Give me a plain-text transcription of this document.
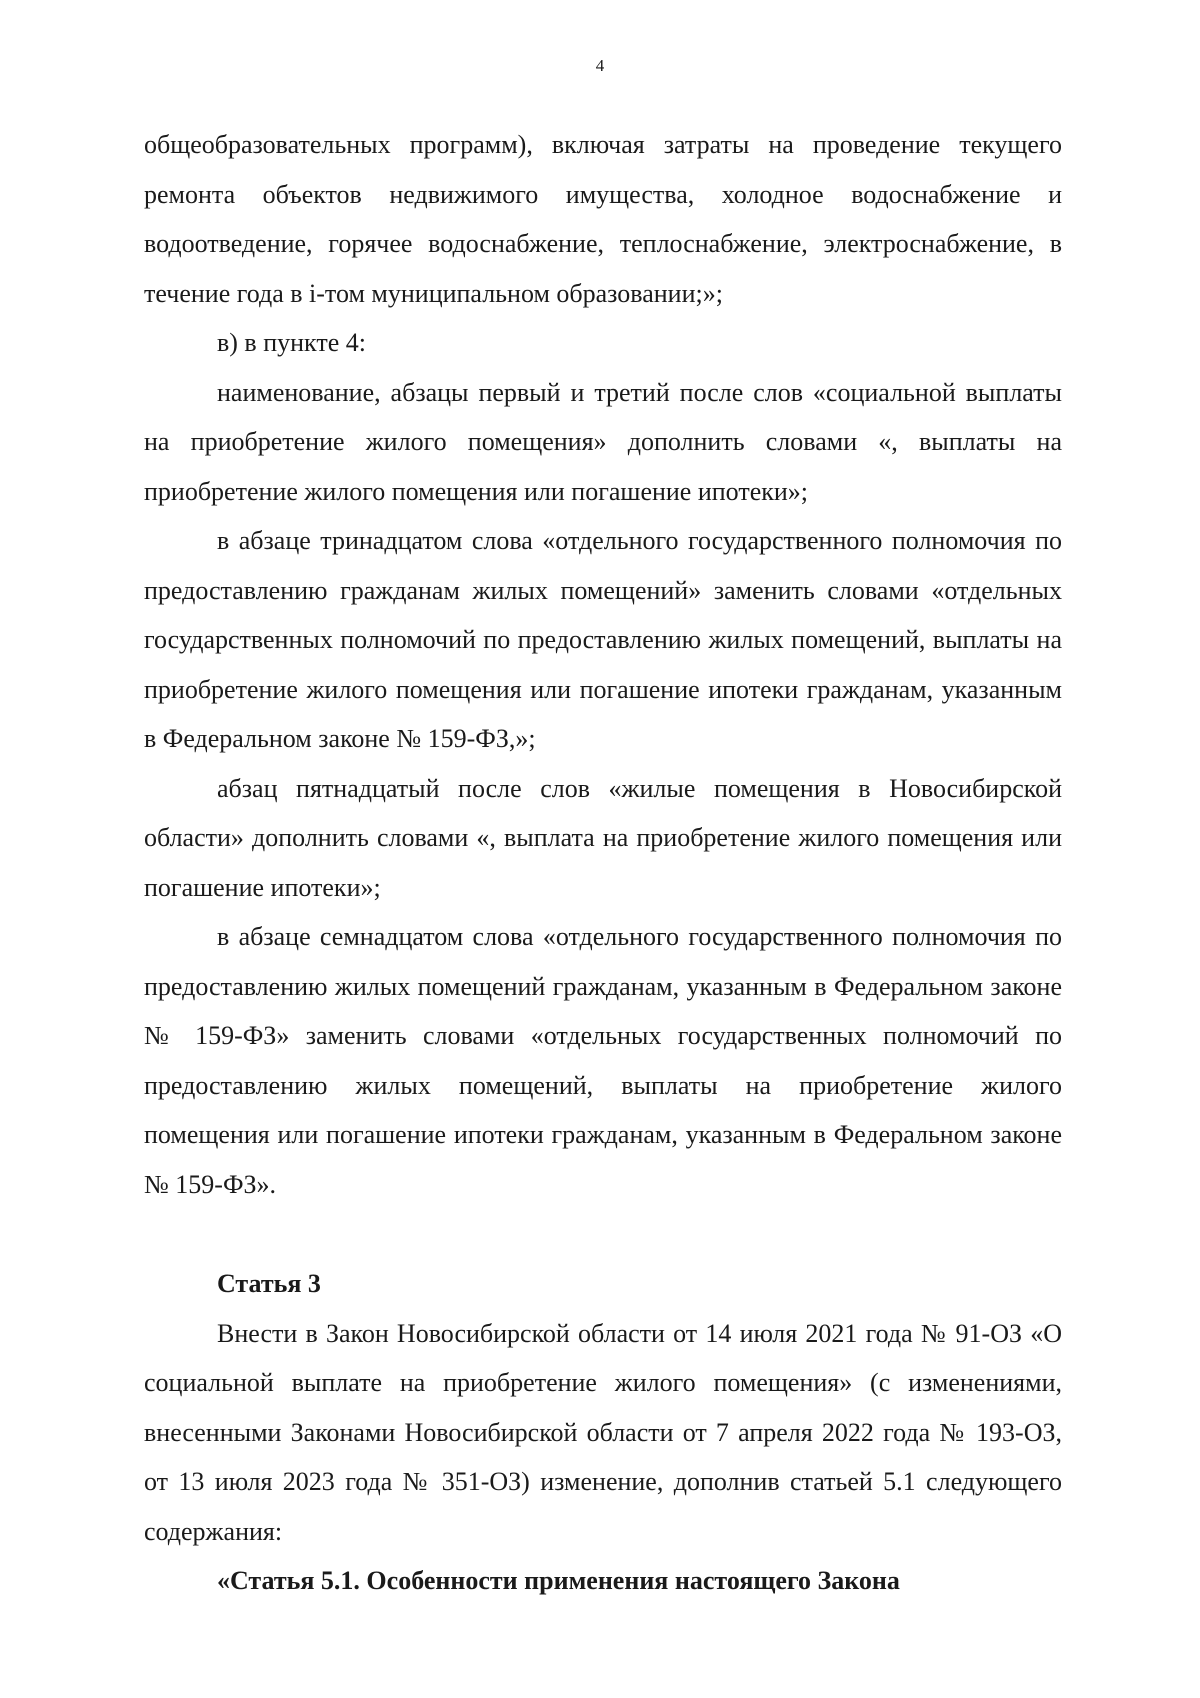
4

общеобразовательных программ), включая затраты на проведение текущего ремонта объектов недвижимого имущества, холодное водоснабжение и водоотведение, горячее водоснабжение, теплоснабжение, электроснабжение, в течение года в i-том муниципальном образовании;»;

в) в пункте 4:

наименование, абзацы первый и третий после слов «социальной выплаты на приобретение жилого помещения» дополнить словами «, выплаты на приобретение жилого помещения или погашение ипотеки»;

в абзаце тринадцатом слова «отдельного государственного полномочия по предоставлению гражданам жилых помещений» заменить словами «отдельных государственных полномочий по предоставлению жилых помещений, выплаты на приобретение жилого помещения или погашение ипотеки гражданам, указанным в Федеральном законе № 159-ФЗ,»;

абзац пятнадцатый после слов «жилые помещения в Новосибирской области» дополнить словами «, выплата на приобретение жилого помещения или погашение ипотеки»;

в абзаце семнадцатом слова «отдельного государственного полномочия по предоставлению жилых помещений гражданам, указанным в Федеральном законе № 159-ФЗ» заменить словами «отдельных государственных полномочий по предоставлению жилых помещений, выплаты на приобретение жилого помещения или погашение ипотеки гражданам, указанным в Федеральном законе № 159-ФЗ».

Статья 3

Внести в Закон Новосибирской области от 14 июля 2021 года № 91-ОЗ «О социальной выплате на приобретение жилого помещения» (с изменениями, внесенными Законами Новосибирской области от 7 апреля 2022 года № 193-ОЗ, от 13 июля 2023 года № 351-ОЗ) изменение, дополнив статьей 5.1 следующего содержания:

«Статья 5.1. Особенности применения настоящего Закона
